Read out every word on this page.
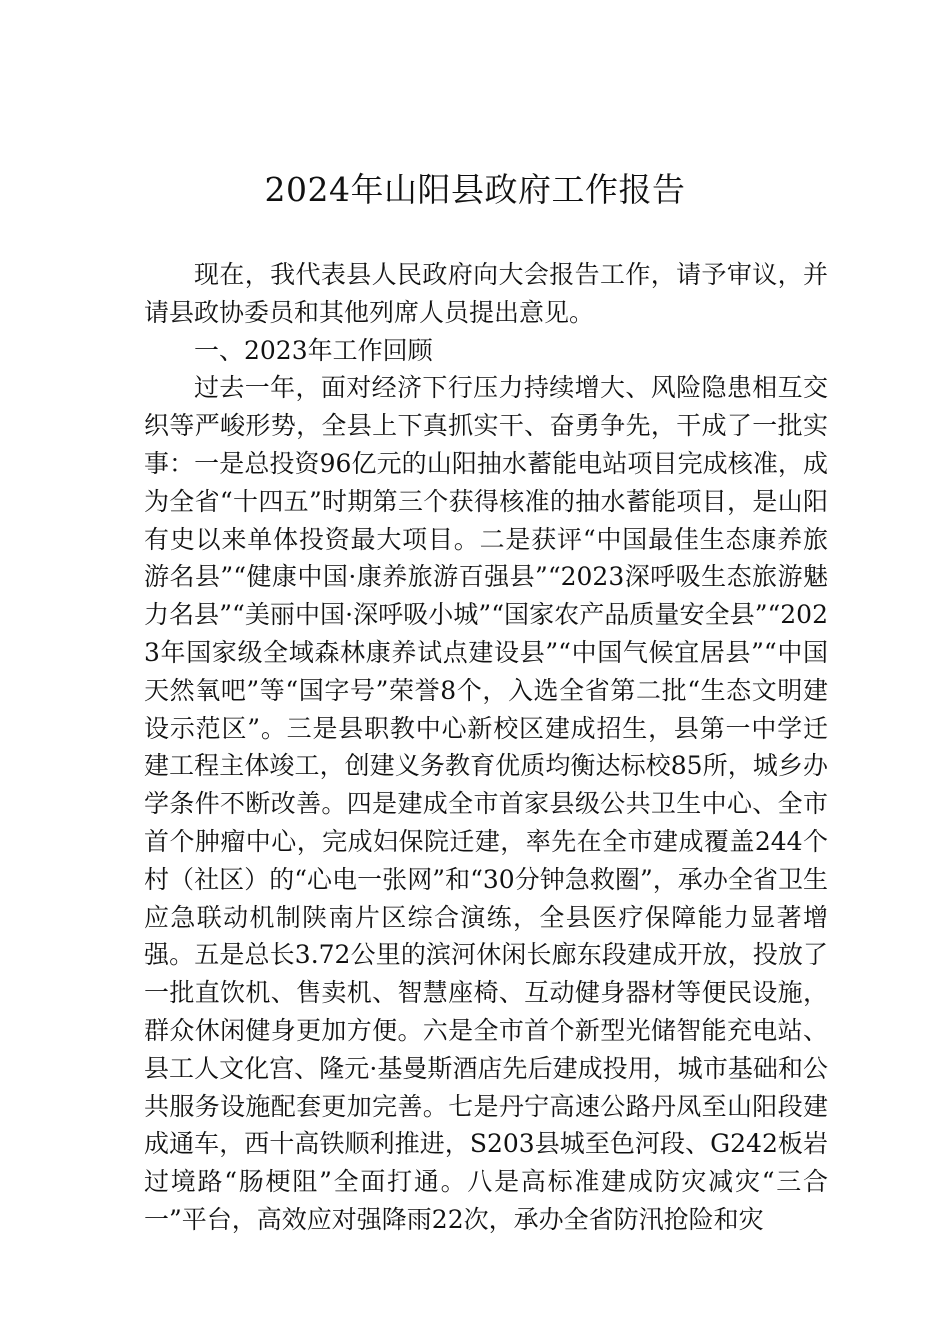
2024年山阳县政府工作报告

现在，我代表县人民政府向大会报告工作，请予审议，并请县政协委员和其他列席人员提出意见。

一、2023年工作回顾

过去一年，面对经济下行压力持续增大、风险隐患相互交织等严峻形势，全县上下真抓实干、奋勇争先，干成了一批实事：一是总投资96亿元的山阳抽水蓄能电站项目完成核准，成为全省“十四五”时期第三个获得核准的抽水蓄能项目，是山阳有史以来单体投资最大项目。二是获评“中国最佳生态康养旅游名县”“健康中国·康养旅游百强县”“2023深呼吸生态旅游魅力名县”“美丽中国·深呼吸小城”“国家农产品质量安全县”“2023年国家级全域森林康养试点建设县”“中国气候宜居县”“中国天然氧吧”等“国字号”荣誉8个，入选全省第二批“生态文明建设示范区”。三是县职教中心新校区建成招生，县第一中学迁建工程主体竣工，创建义务教育优质均衡达标校85所，城乡办学条件不断改善。四是建成全市首家县级公共卫生中心、全市首个肿瘤中心，完成妇保院迁建，率先在全市建成覆盖244个村（社区）的“心电一张网”和“30分钟急救圈”，承办全省卫生应急联动机制陕南片区综合演练，全县医疗保障能力显著增强。五是总长3.72公里的滨河休闲长廊东段建成开放，投放了一批直饮机、售卖机、智慧座椅、互动健身器材等便民设施，群众休闲健身更加方便。六是全市首个新型光储智能充电站、县工人文化宫、隆元·基曼斯酒店先后建成投用，城市基础和公共服务设施配套更加完善。七是丹宁高速公路丹凤至山阳段建成通车，西十高铁顺利推进，S203县城至色河段、G242板岩过境路“肠梗阻”全面打通。八是高标准建成防灾减灾“三合一”平台，高效应对强降雨22次，承办全省防汛抢险和灾
